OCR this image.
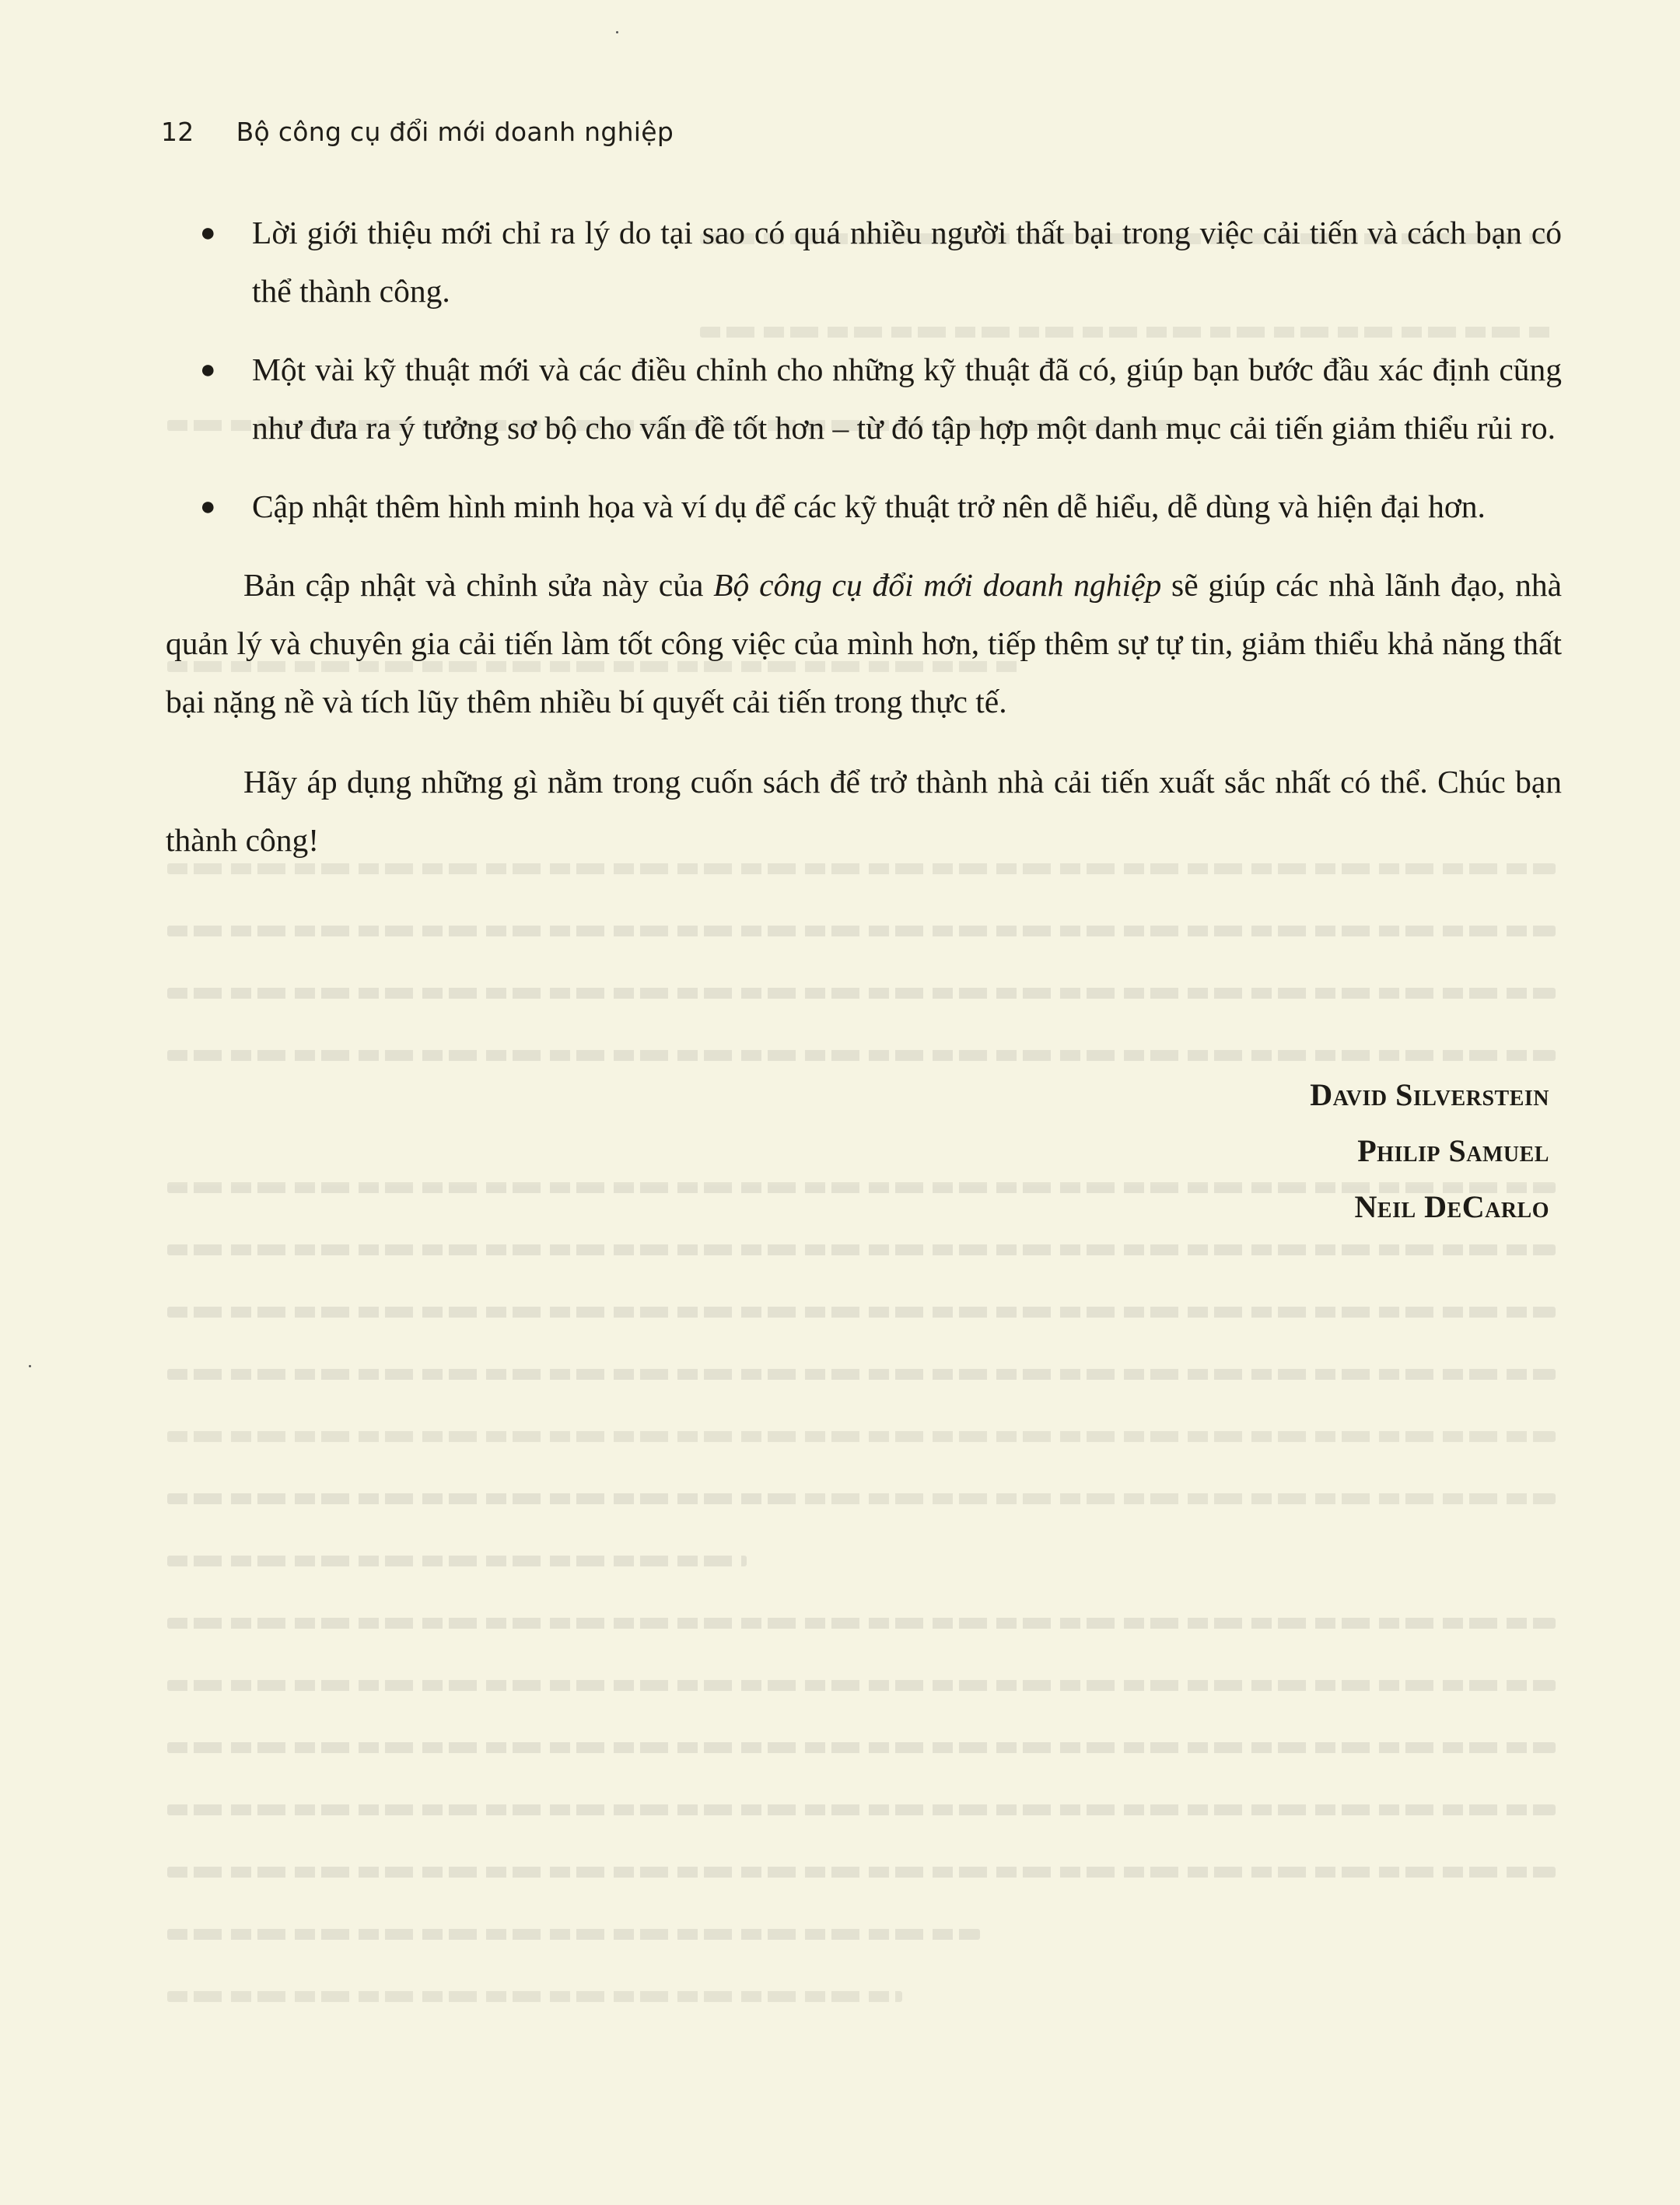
12 Bộ công cụ đổi mới doanh nghiệp
● Lời giới thiệu mới chỉ ra lý do tại sao có quá nhiều người thất bại trong việc cải tiến và cách bạn có thể thành công.
● Một vài kỹ thuật mới và các điều chỉnh cho những kỹ thuật đã có, giúp bạn bước đầu xác định cũng như đưa ra ý tưởng sơ bộ cho vấn đề tốt hơn – từ đó tập hợp một danh mục cải tiến giảm thiểu rủi ro.
● Cập nhật thêm hình minh họa và ví dụ để các kỹ thuật trở nên dễ hiểu, dễ dùng và hiện đại hơn.

Bản cập nhật và chỉnh sửa này của Bộ công cụ đổi mới doanh nghiệp sẽ giúp các nhà lãnh đạo, nhà quản lý và chuyên gia cải tiến làm tốt công việc của mình hơn, tiếp thêm sự tự tin, giảm thiểu khả năng thất bại nặng nề và tích lũy thêm nhiều bí quyết cải tiến trong thực tế.

Hãy áp dụng những gì nằm trong cuốn sách để trở thành nhà cải tiến xuất sắc nhất có thể. Chúc bạn thành công!

David Silverstein
Philip Samuel
Neil DeCarlo
